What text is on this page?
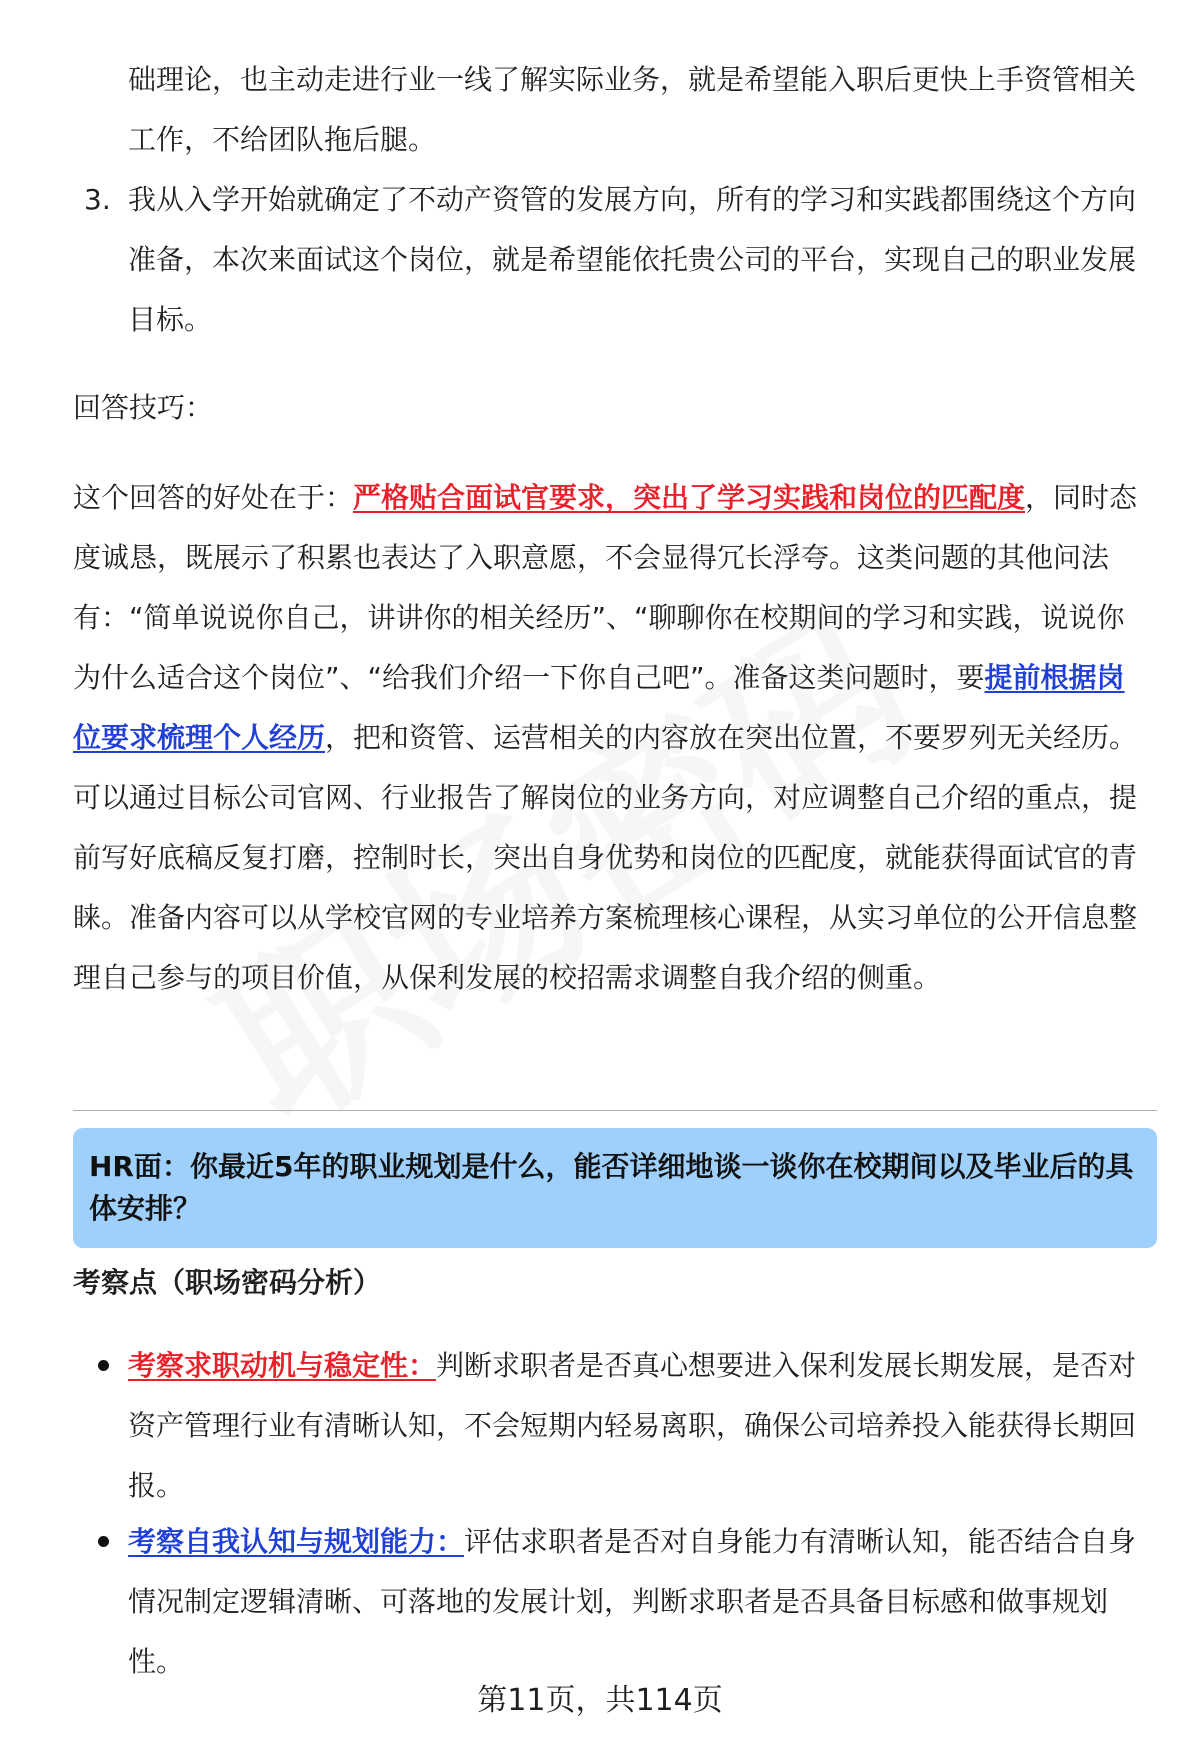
础理论，也主动走进行业一线了解实际业务，就是希望能入职后更快上手资管相关工作，不给团队拖后腿。

3. 我从入学开始就确定了不动产资管的发展方向，所有的学习和实践都围绕这个方向准备，本次来面试这个岗位，就是希望能依托贵公司的平台，实现自己的职业发展目标。

回答技巧：

这个回答的好处在于：严格贴合面试官要求，突出了学习实践和岗位的匹配度，同时态度诚恳，既展示了积累也表达了入职意愿，不会显得冗长浮夸。这类问题的其他问法有：“简单说说你自己，讲讲你的相关经历”、“聊聊你在校期间的学习和实践，说说你为什么适合这个岗位”、“给我们介绍一下你自己吧”。准备这类问题时，要提前根据岗位要求梳理个人经历，把和资管、运营相关的内容放在突出位置，不要罗列无关经历。可以通过目标公司官网、行业报告了解岗位的业务方向，对应调整自己介绍的重点，提前写好底稿反复打磨，控制时长，突出自身优势和岗位的匹配度，就能获得面试官的青睐。准备内容可以从学校官网的专业培养方案梳理核心课程，从实习单位的公开信息整理自己参与的项目价值，从保利发展的校招需求调整自我介绍的侧重。

HR面：你最近5年的职业规划是什么，能否详细地谈一谈你在校期间以及毕业后的具体安排？

考察点（职场密码分析）

考察求职动机与稳定性：判断求职者是否真心想要进入保利发展长期发展，是否对资产管理行业有清晰认知，不会短期内轻易离职，确保公司培养投入能获得长期回报。

考察自我认知与规划能力：评估求职者是否对自身能力有清晰认知，能否结合自身情况制定逻辑清晰、可落地的发展计划，判断求职者是否具备目标感和做事规划性。

第11页，共114页
